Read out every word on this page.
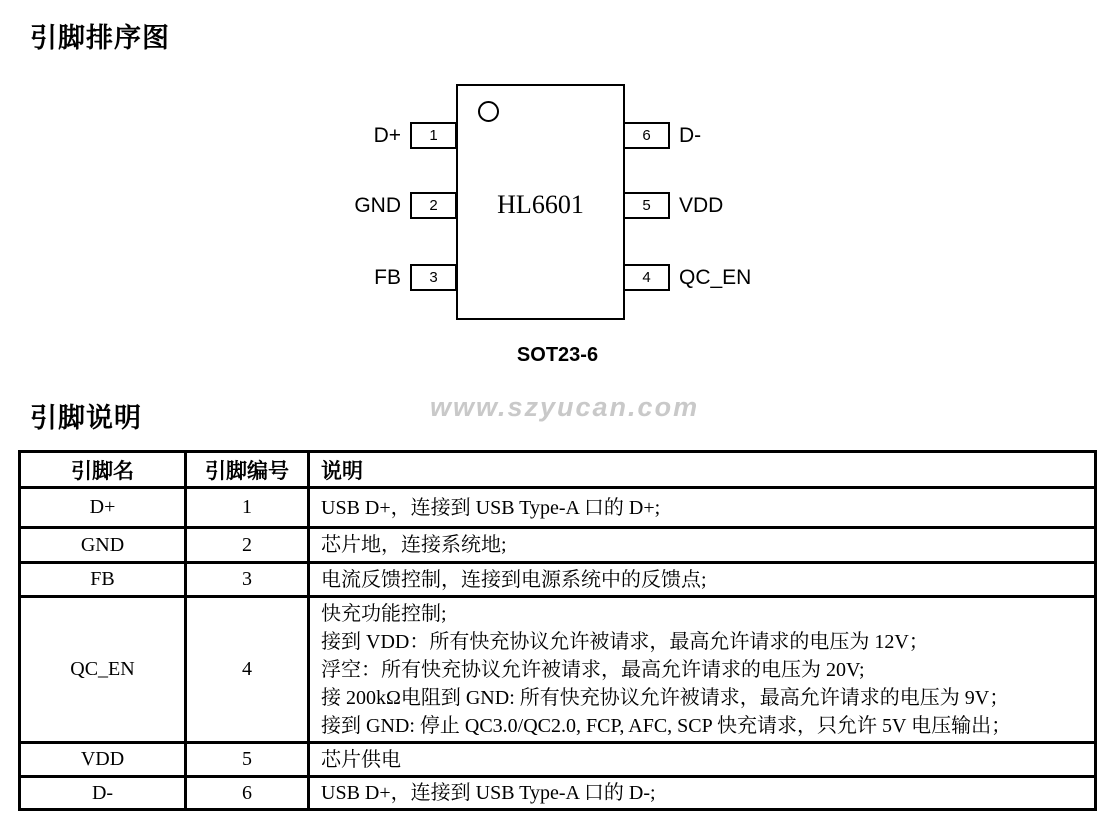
引脚排序图
HL6601
D+	1
GND	2
FB	3
6	D-
5	VDD
4	QC_EN
SOT23-6
引脚说明	www.szyucan.com
引脚名	引脚编号	说明
D+	1	USB D+，连接到 USB Type-A 口的 D+;
GND	2	芯片地，连接系统地;
FB	3	电流反馈控制，连接到电源系统中的反馈点;
QC_EN	4	快充功能控制;
接到 VDD：所有快充协议允许被请求，最高允许请求的电压为 12V；
浮空：所有快充协议允许被请求，最高允许请求的电压为 20V;
接 200kΩ电阻到 GND: 所有快充协议允许被请求，最高允许请求的电压为 9V；
接到 GND: 停止 QC3.0/QC2.0, FCP, AFC, SCP 快充请求，只允许 5V 电压输出；

VDD	5	芯片供电
D-	6	USB D+，连接到 USB Type-A 口的 D-;
